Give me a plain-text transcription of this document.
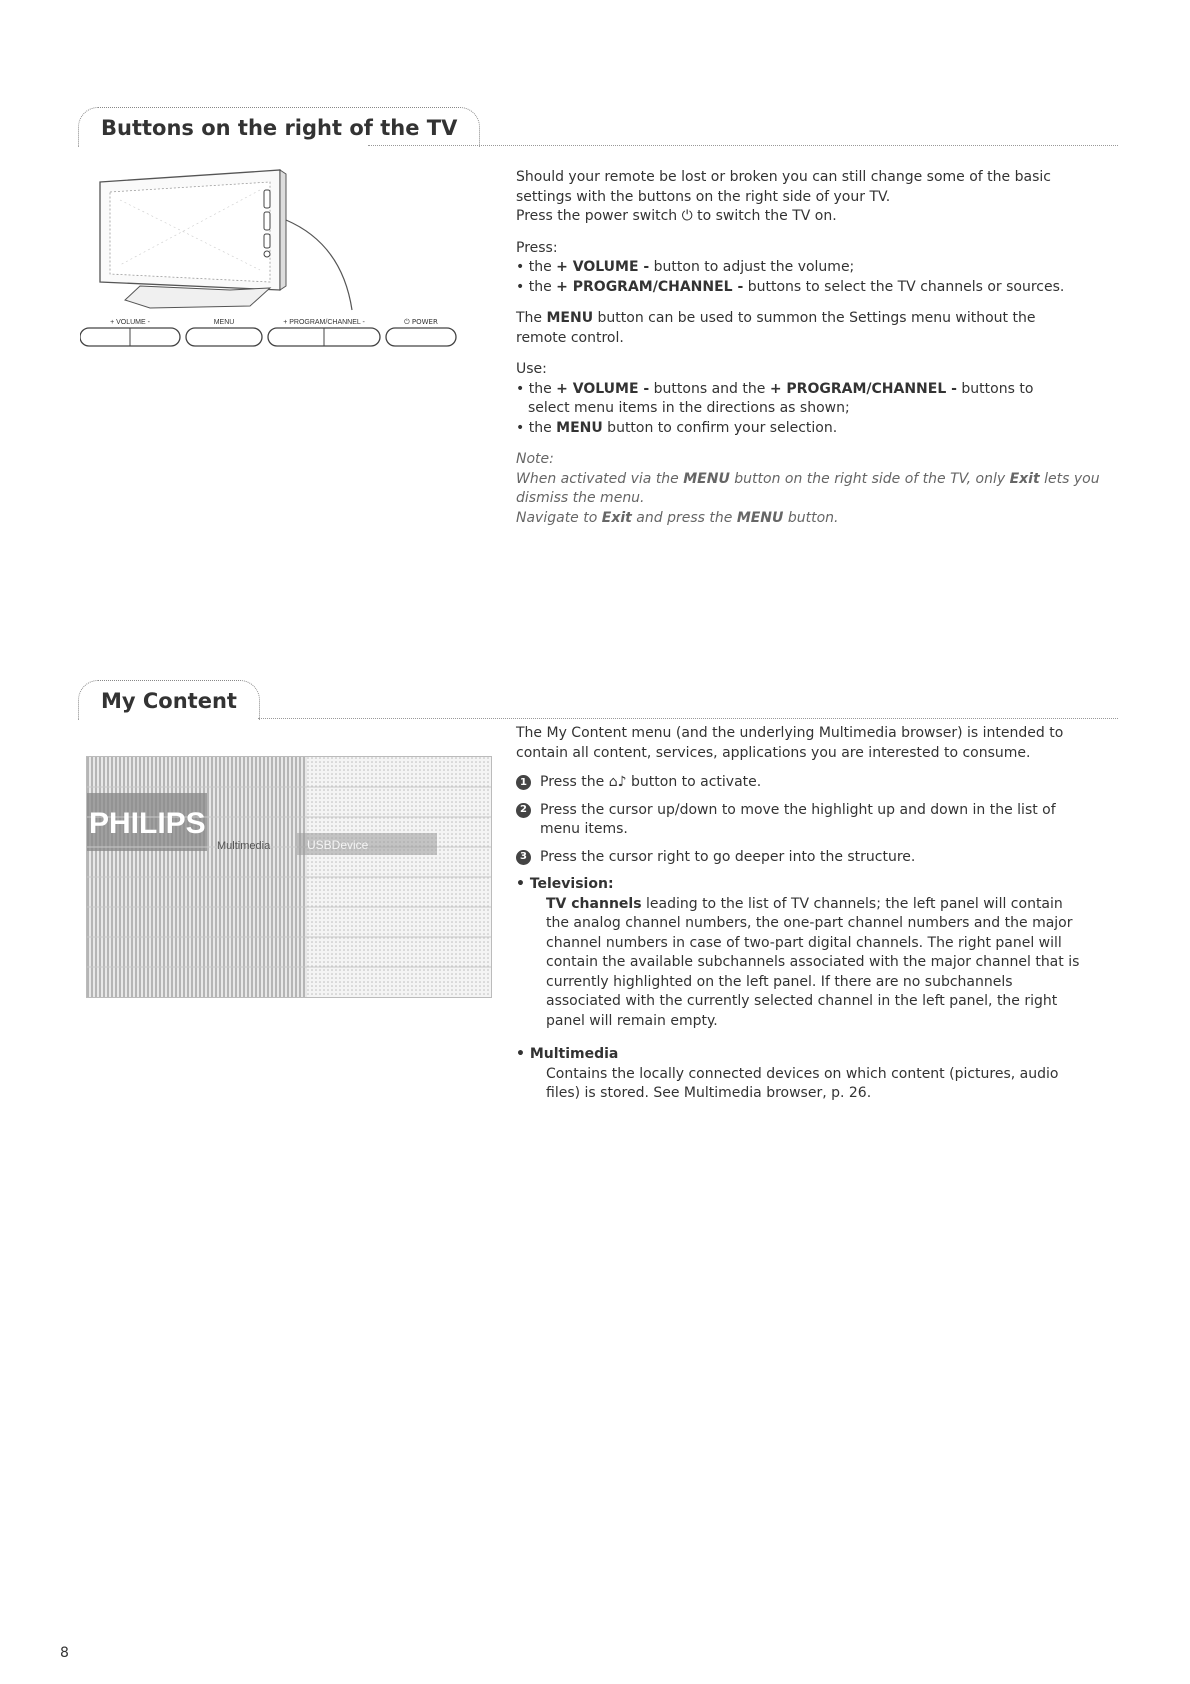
Buttons on the right of the TV
+ VOLUME -	MENU	+ PROGRAM/CHANNEL -	⏻ POWER

Should your remote be lost or broken you can still change some of the basic

settings with the buttons on the right side of your TV.

Press the power switch ⏻ to switch the TV on.

Press:

• the + VOLUME - button to adjust the volume;

• the + PROGRAM/CHANNEL - buttons to select the TV channels or sources.

The MENU button can be used to summon the Settings menu without the

remote control.

Use:

• the + VOLUME - buttons and the + PROGRAM/CHANNEL - buttons to

select menu items in the directions as shown;

• the MENU button to confirm your selection.

Note:

When activated via the MENU button on the right side of the TV, only Exit lets you

dismiss the menu.

Navigate to Exit and press the MENU button.

My Content
PHILIPS
Multimedia	USBDevice

The My Content menu (and the underlying Multimedia browser) is intended to

contain all content, services, applications you are interested to consume.

1 Press the ⌂♪ button to activate.
2 Press the cursor up/down to move the highlight up and down in the list of
menu items.
3 Press the cursor right to go deeper into the structure.

• Television:

TV channels leading to the list of TV channels; the left panel will contain

the analog channel numbers, the one-part channel numbers and the major

channel numbers in case of two-part digital channels. The right panel will

contain the available subchannels associated with the major channel that is

currently highlighted on the left panel. If there are no subchannels

associated with the currently selected channel in the left panel, the right

panel will remain empty.

• Multimedia

Contains the locally connected devices on which content (pictures, audio

files) is stored. See Multimedia browser, p. 26.

8
